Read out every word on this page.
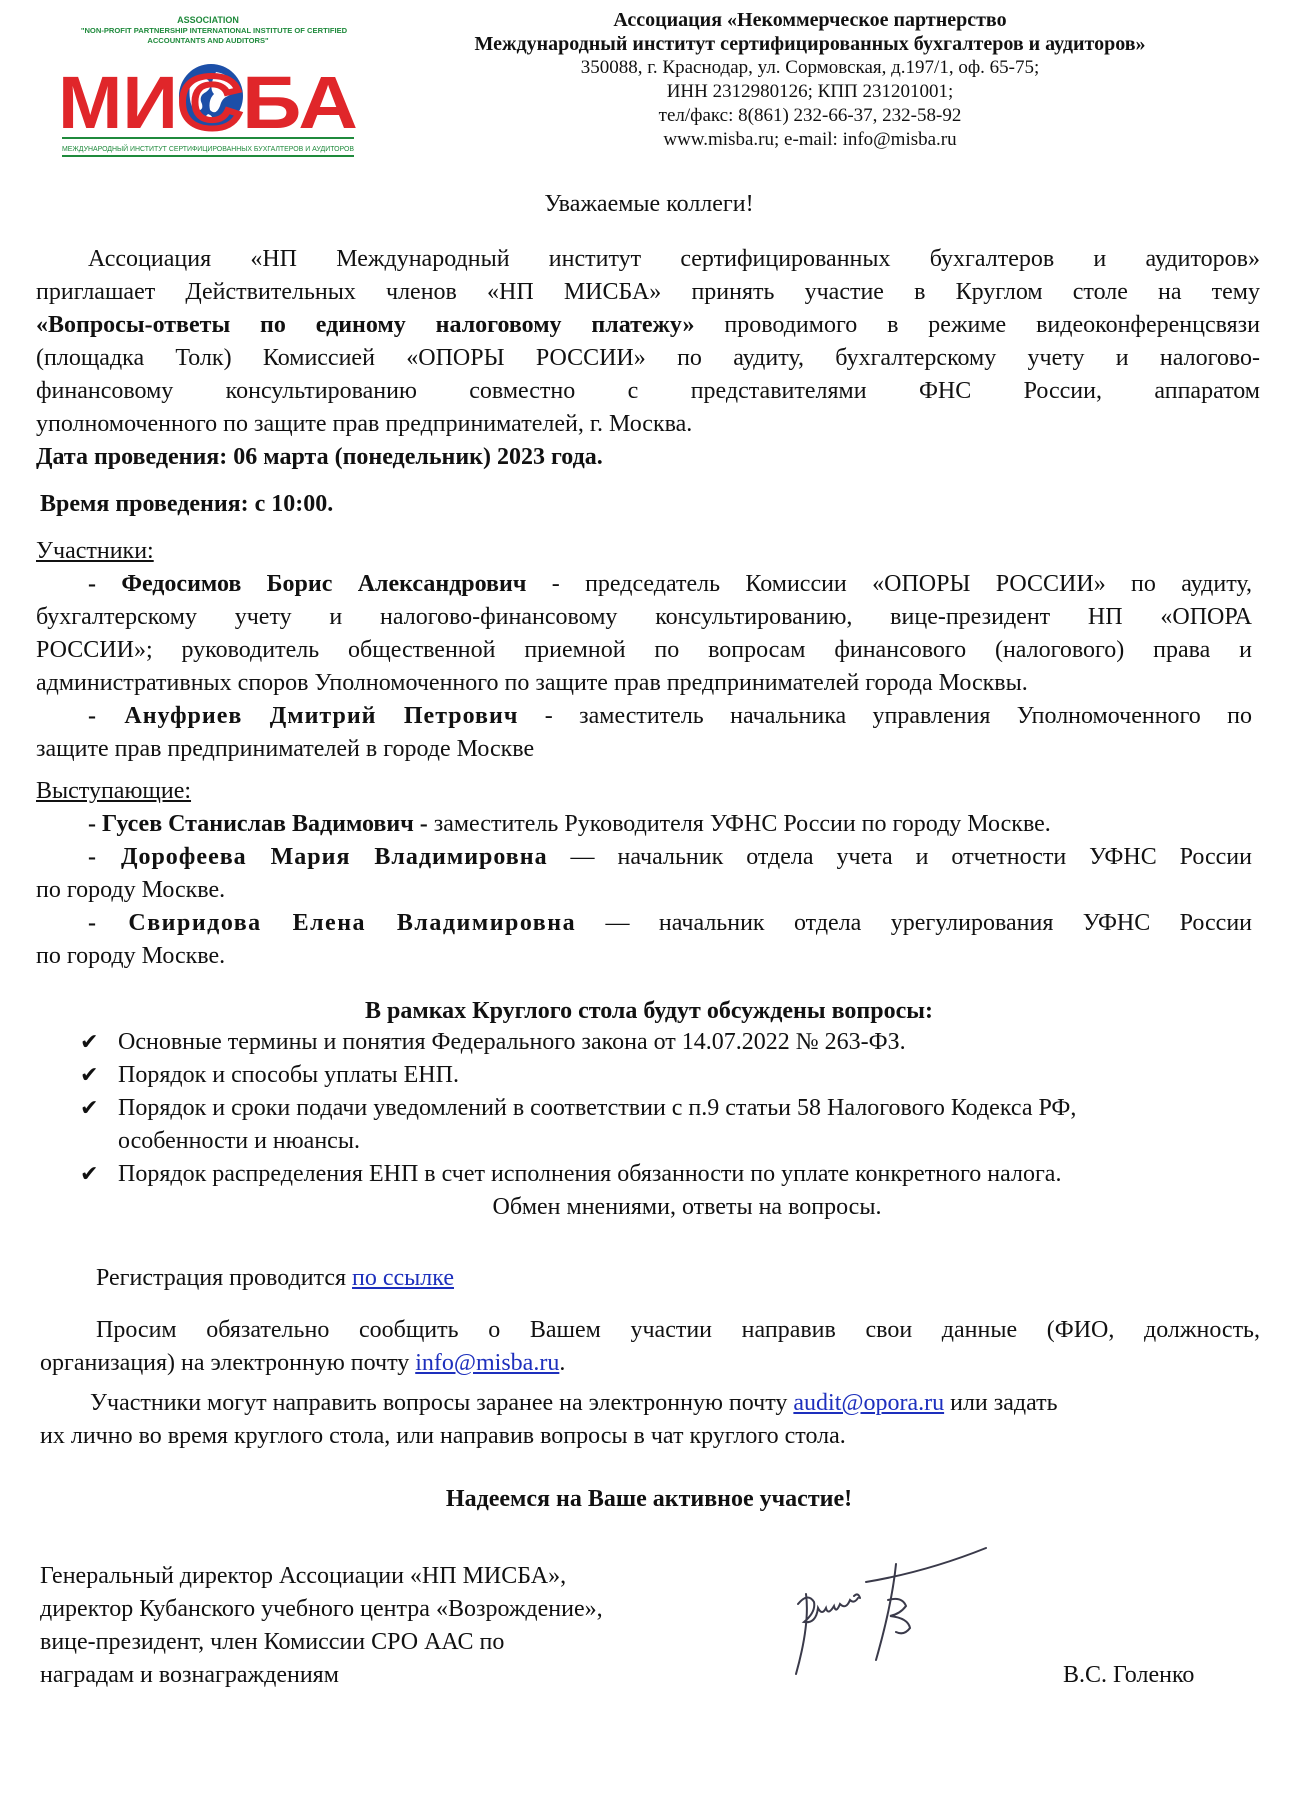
ASSOCIATION
"NON-PROFIT PARTNERSHIP INTERNATIONAL INSTITUTE OF CERTIFIED
ACCOUNTANTS AND AUDITORS"
МИ БА
С
МЕЖДУНАРОДНЫЙ ИНСТИТУТ СЕРТИФИЦИРОВАННЫХ БУХГАЛТЕРОВ И АУДИТОРОВ
Ассоциация «Некоммерческое партнерство
Международный институт сертифицированных бухгалтеров и аудиторов»
350088, г. Краснодар, ул. Сормовская, д.197/1, оф. 65-75;
ИНН 2312980126; КПП 231201001;
тел/факс: 8(861) 232-66-37, 232-58-92
www.misba.ru; e-mail: info@misba.ru
Уважаемые коллеги!
Ассоциация «НП Международный институт сертифицированных бухгалтеров и аудиторов»
приглашает Действительных членов «НП МИСБА» принять участие в Круглом столе на тему
«Вопросы-ответы по единому налоговому платежу» проводимого в режиме видеоконференцсвязи
(площадка Толк) Комиссией «ОПОРЫ РОССИИ» по аудиту, бухгалтерскому учету и налогово-
финансовому консультированию совместно с представителями ФНС России, аппаратом
уполномоченного по защите прав предпринимателей, г. Москва.
Дата проведения: 06 марта (понедельник) 2023 года.
Время проведения: с 10:00.
Участники:
- Федосимов Борис Александрович - председатель Комиссии «ОПОРЫ РОССИИ» по аудиту,
бухгалтерскому учету и налогово-финансовому консультированию, вице-президент НП «ОПОРА
РОССИИ»; руководитель общественной приемной по вопросам финансового (налогового) права и
административных споров Уполномоченного по защите прав предпринимателей города Москвы.
- Ануфриев Дмитрий Петрович - заместитель начальника управления Уполномоченного по
защите прав предпринимателей в городе Москве
Выступающие:
- Гусев Станислав Вадимович - заместитель Руководителя УФНС России по городу Москве.
- Дорофеева Мария Владимировна — начальник отдела учета и отчетности УФНС России
по городу Москве.
- Свиридова Елена Владимировна — начальник отдела урегулирования УФНС России
по городу Москве.
В рамках Круглого стола будут обсуждены вопросы:
✔ Основные термины и понятия Федерального закона от 14.07.2022 № 263-ФЗ.
✔ Порядок и способы уплаты ЕНП.
✔ Порядок и сроки подачи уведомлений в соответствии с п.9 статьи 58 Налогового Кодекса РФ,
особенности и нюансы.
✔ Порядок распределения ЕНП в счет исполнения обязанности по уплате конкретного налога.
Обмен мнениями, ответы на вопросы.
Регистрация проводится по ссылке
Просим обязательно сообщить о Вашем участии направив свои данные (ФИО, должность,
организация) на электронную почту info@misba.ru.
Участники могут направить вопросы заранее на электронную почту audit@opora.ru или задать
их лично во время круглого стола, или направив вопросы в чат круглого стола.
Надеемся на Ваше активное участие!
Генеральный директор Ассоциации «НП МИСБА»,
директор Кубанского учебного центра «Возрождение»,
вице-президент, член Комиссии СРО ААС по
наградам и вознаграждениям	В.С. Голенко
